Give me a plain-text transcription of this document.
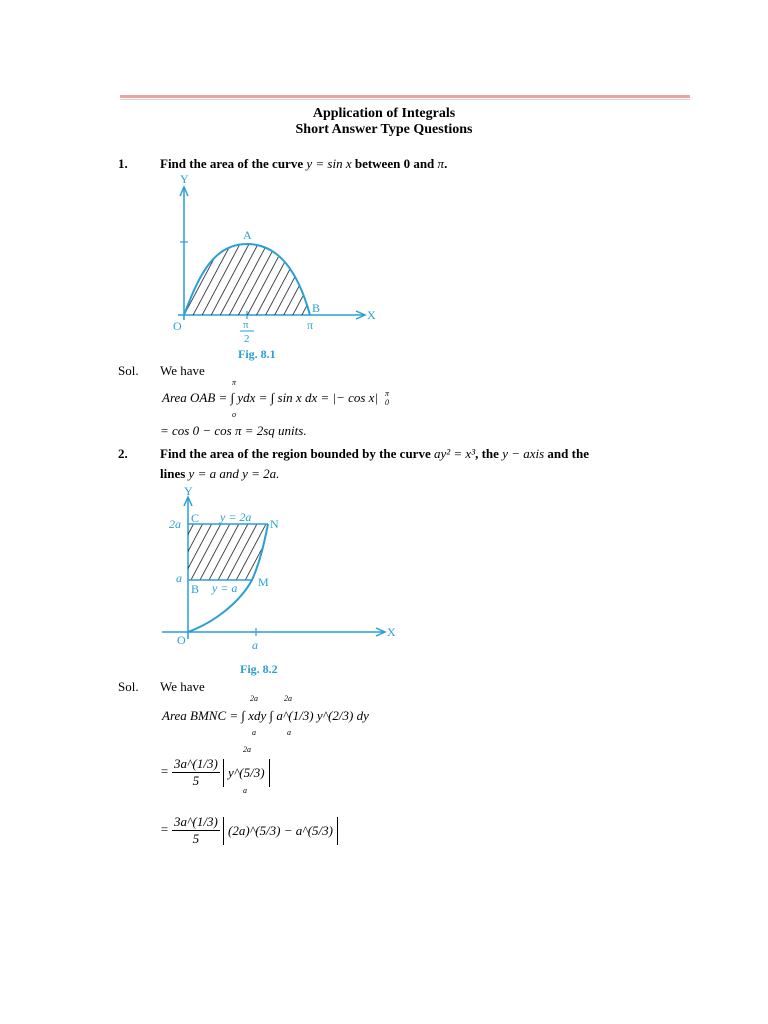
Application of Integrals
Short Answer Type Questions
1. Find the area of the curve y = sin x between 0 and π.
Y
X
O
A
B
π
π
2
Fig. 8.1
Sol. We have
Area OAB = ∫ ydx = ∫ sin x dx = |− cos x|
π
o
π
0
= cos 0 − cos π = 2sq units.
2. Find the area of the region bounded by the curve ay² = x³, the y − axis and the
lines y = a and y = 2a.
Y
X
O
2a
a
a
C	N
B	M
y = 2a
y = a
Fig. 8.2
Sol. We have
2a	2a
Area BMNC = ∫ xdy ∫ a^(1/3) y^(2/3) dy
a	a
= $\frac{3a\^{}(1/3)}{5}$ y^(5/3)
2a
a
= $\frac{3a\^{}(1/3)}{5}$ (2a)^(5/3) − a^(5/3)
